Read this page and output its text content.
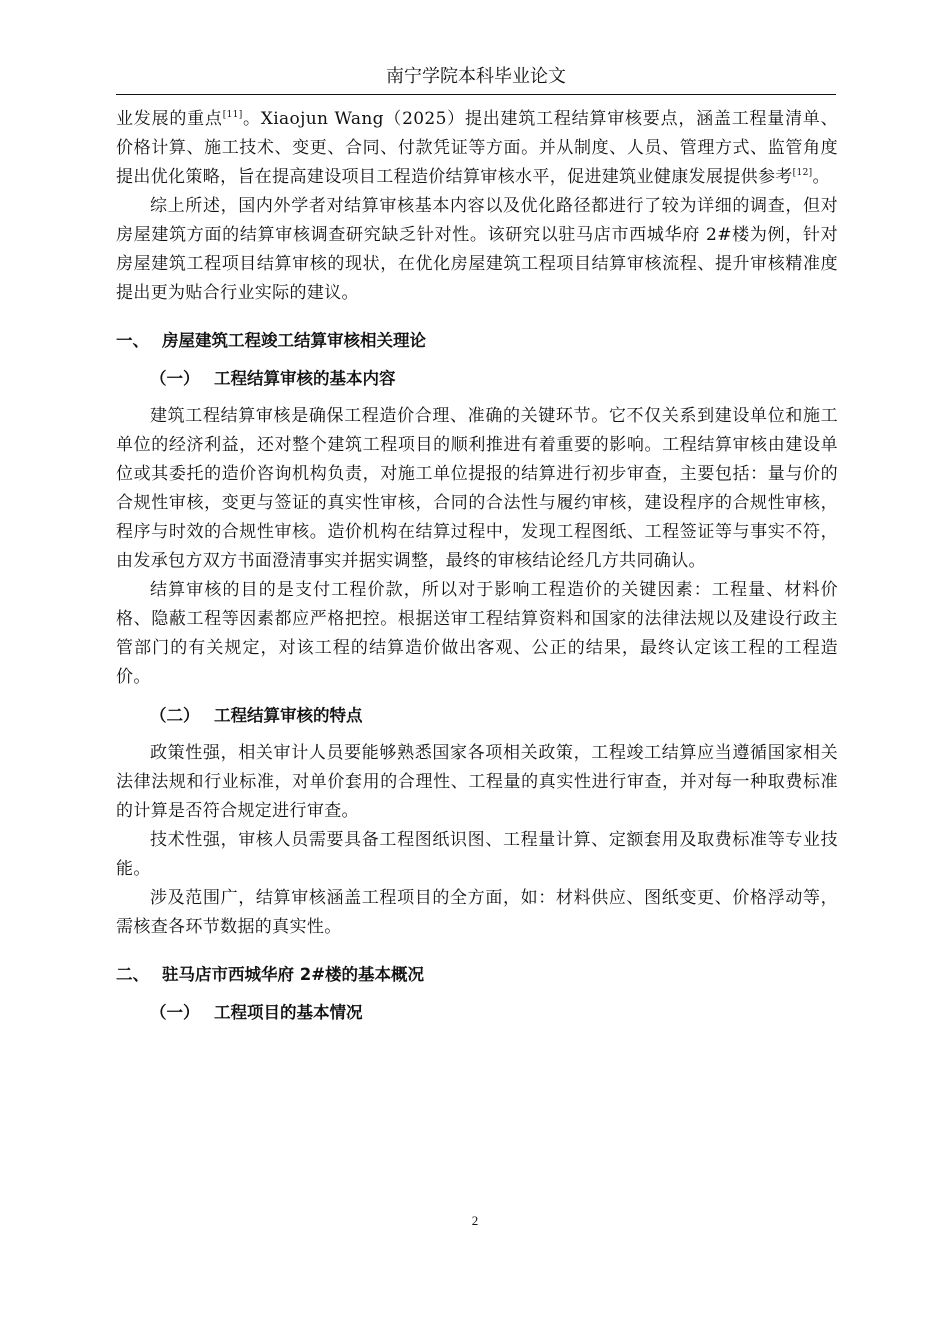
南宁学院本科毕业论文

业发展的重点[11]。Xiaojun Wang（2025）提出建筑工程结算审核要点，涵盖工程量清单、价格计算、施工技术、变更、合同、付款凭证等方面。并从制度、人员、管理方式、监管角度提出优化策略，旨在提高建设项目工程造价结算审核水平，促进建筑业健康发展提供参考[12]。

综上所述，国内外学者对结算审核基本内容以及优化路径都进行了较为详细的调查，但对房屋建筑方面的结算审核调查研究缺乏针对性。该研究以驻马店市西城华府 2#楼为例，针对房屋建筑工程项目结算审核的现状，在优化房屋建筑工程项目结算审核流程、提升审核精准度提出更为贴合行业实际的建议。

一、 房屋建筑工程竣工结算审核相关理论
（一） 工程结算审核的基本内容

建筑工程结算审核是确保工程造价合理、准确的关键环节。它不仅关系到建设单位和施工单位的经济利益，还对整个建筑工程项目的顺利推进有着重要的影响。工程结算审核由建设单位或其委托的造价咨询机构负责，对施工单位提报的结算进行初步审查，主要包括：量与价的合规性审核，变更与签证的真实性审核，合同的合法性与履约审核，建设程序的合规性审核，程序与时效的合规性审核。造价机构在结算过程中，发现工程图纸、工程签证等与事实不符，由发承包方双方书面澄清事实并据实调整，最终的审核结论经几方共同确认。

结算审核的目的是支付工程价款，所以对于影响工程造价的关键因素：工程量、材料价格、隐蔽工程等因素都应严格把控。根据送审工程结算资料和国家的法律法规以及建设行政主管部门的有关规定，对该工程的结算造价做出客观、公正的结果，最终认定该工程的工程造价。

（二） 工程结算审核的特点

政策性强，相关审计人员要能够熟悉国家各项相关政策，工程竣工结算应当遵循国家相关法律法规和行业标准，对单价套用的合理性、工程量的真实性进行审查，并对每一种取费标准的计算是否符合规定进行审查。

技术性强，审核人员需要具备工程图纸识图、工程量计算、定额套用及取费标准等专业技能。

涉及范围广，结算审核涵盖工程项目的全方面，如：材料供应、图纸变更、价格浮动等，需核查各环节数据的真实性。

二、 驻马店市西城华府 2#楼的基本概况
（一） 工程项目的基本情况
2
